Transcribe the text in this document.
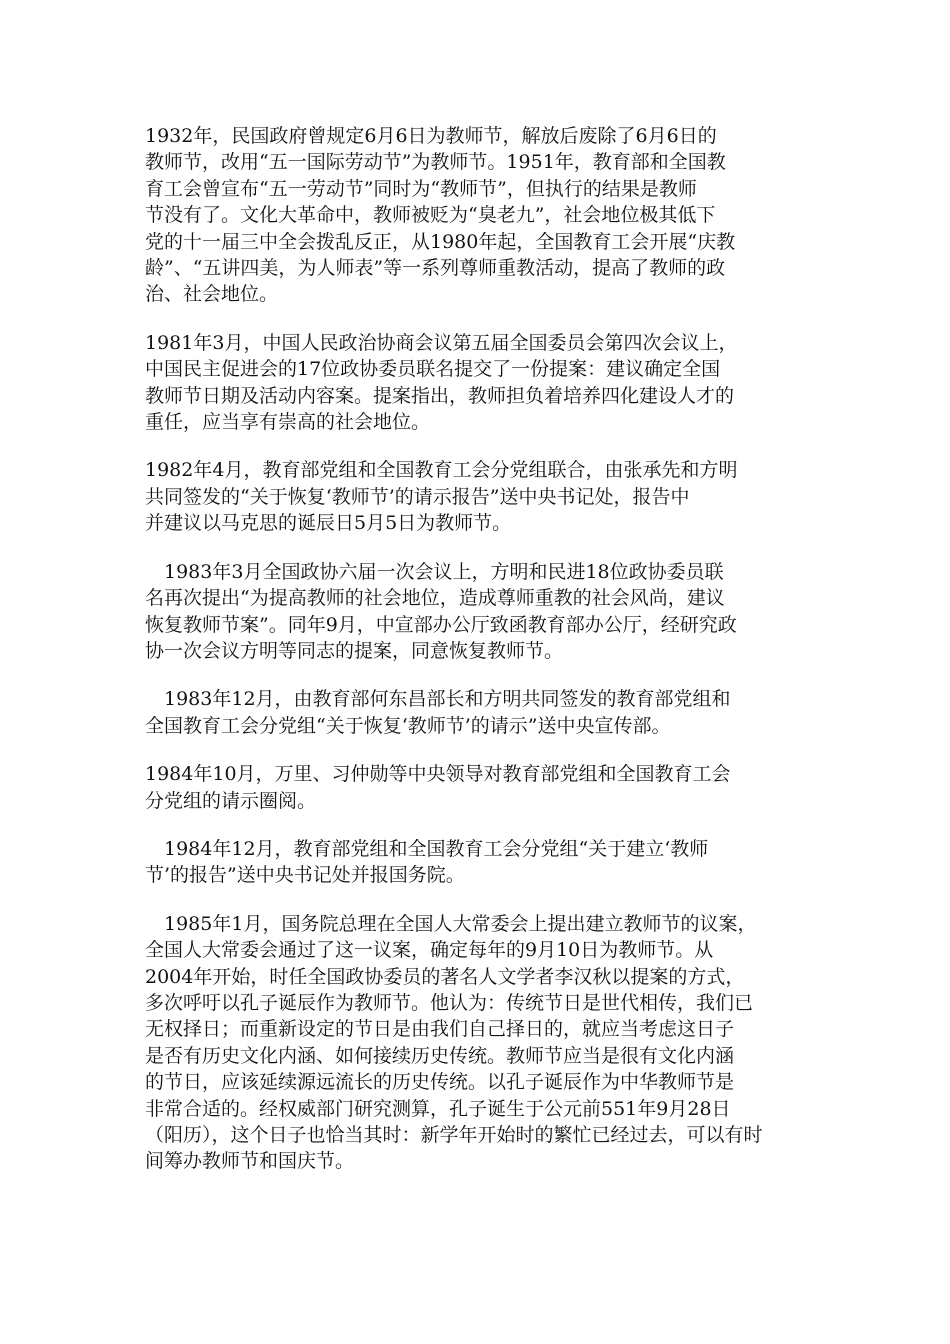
1932年，民国政府曾规定6月6日为教师节，解放后废除了6月6日的
教师节，改用“五一国际劳动节”为教师节。1951年，教育部和全国教
育工会曾宣布“五一劳动节”同时为“教师节”，但执行的结果是教师
节没有了。文化大革命中，教师被贬为“臭老九”，社会地位极其低下
党的十一届三中全会拨乱反正，从1980年起，全国教育工会开展“庆教
龄”、“五讲四美，为人师表”等一系列尊师重教活动，提高了教师的政
治、社会地位。

1981年3月，中国人民政治协商会议第五届全国委员会第四次会议上，
中国民主促进会的17位政协委员联名提交了一份提案：建议确定全国
教师节日期及活动内容案。提案指出，教师担负着培养四化建设人才的
重任，应当享有崇高的社会地位。

1982年4月，教育部党组和全国教育工会分党组联合，由张承先和方明
共同签发的“关于恢复‘教师节’的请示报告”送中央书记处，报告中
并建议以马克思的诞辰日5月5日为教师节。

1983年3月全国政协六届一次会议上，方明和民进18位政协委员联
名再次提出“为提高教师的社会地位，造成尊师重教的社会风尚，建议
恢复教师节案”。同年9月，中宣部办公厅致函教育部办公厅，经研究政
协一次会议方明等同志的提案，同意恢复教师节。

1983年12月，由教育部何东昌部长和方明共同签发的教育部党组和
全国教育工会分党组“关于恢复‘教师节’的请示”送中央宣传部。

1984年10月，万里、习仲勋等中央领导对教育部党组和全国教育工会
分党组的请示圈阅。

1984年12月，教育部党组和全国教育工会分党组“关于建立‘教师
节’的报告”送中央书记处并报国务院。

1985年1月，国务院总理在全国人大常委会上提出建立教师节的议案，
全国人大常委会通过了这一议案，确定每年的9月10日为教师节。从
2004年开始，时任全国政协委员的著名人文学者李汉秋以提案的方式，
多次呼吁以孔子诞辰作为教师节。他认为：传统节日是世代相传，我们已
无权择日；而重新设定的节日是由我们自己择日的，就应当考虑这日子
是否有历史文化内涵、如何接续历史传统。教师节应当是很有文化内涵
的节日，应该延续源远流长的历史传统。以孔子诞辰作为中华教师节是
非常合适的。经权威部门研究测算，孔子诞生于公元前551年9月28日
（阳历），这个日子也恰当其时：新学年开始时的繁忙已经过去，可以有时
间筹办教师节和国庆节。
